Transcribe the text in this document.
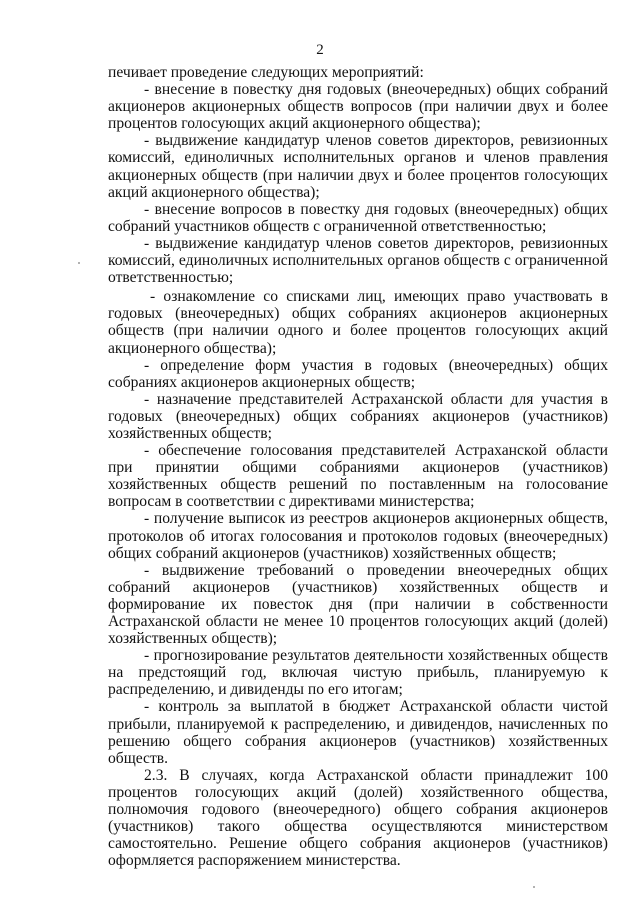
2

печивает проведение следующих мероприятий:

- внесение в повестку дня годовых (внеочередных) общих собраний акционеров акционерных обществ вопросов (при наличии двух и более процентов голосующих акций акционерного общества);

- выдвижение кандидатур членов советов директоров, ревизионных комиссий, единоличных исполнительных органов и членов правления акционерных обществ (при наличии двух и более процентов голосующих акций акционерного общества);

- внесение вопросов в повестку дня годовых (внеочередных) общих собраний участников обществ с ограниченной ответственностью;

- выдвижение кандидатур членов советов директоров, ревизионных комиссий, единоличных исполнительных органов обществ с ограниченной ответственностью;

- ознакомление со списками лиц, имеющих право участвовать в годовых (внеочередных) общих собраниях акционеров акционерных обществ (при наличии одного и более процентов голосующих акций акционерного общества);

- определение форм участия в годовых (внеочередных) общих собраниях акционеров акционерных обществ;

- назначение представителей Астраханской области для участия в годовых (внеочередных) общих собраниях акционеров (участников) хозяйственных обществ;

- обеспечение голосования представителей Астраханской области при принятии общими собраниями акционеров (участников) хозяйственных обществ решений по поставленным на голосование вопросам в соответствии с директивами министерства;

- получение выписок из реестров акционеров акционерных обществ, протоколов об итогах голосования и протоколов годовых (внеочередных) общих собраний акционеров (участников) хозяйственных обществ;

- выдвижение требований о проведении внеочередных общих собраний акционеров (участников) хозяйственных обществ и формирование их повесток дня (при наличии в собственности Астраханской области не менее 10 процентов голосующих акций (долей) хозяйственных обществ);

- прогнозирование результатов деятельности хозяйственных обществ на предстоящий год, включая чистую прибыль, планируемую к распределению, и дивиденды по его итогам;

- контроль за выплатой в бюджет Астраханской области чистой прибыли, планируемой к распределению, и дивидендов, начисленных по решению общего собрания акционеров (участников) хозяйственных обществ.

2.3. В случаях, когда Астраханской области принадлежит 100 процентов голосующих акций (долей) хозяйственного общества, полномочия годового (внеочередного) общего собрания акционеров (участников) такого общества осуществляются министерством самостоятельно. Решение общего собрания акционеров (участников) оформляется распоряжением министерства.
